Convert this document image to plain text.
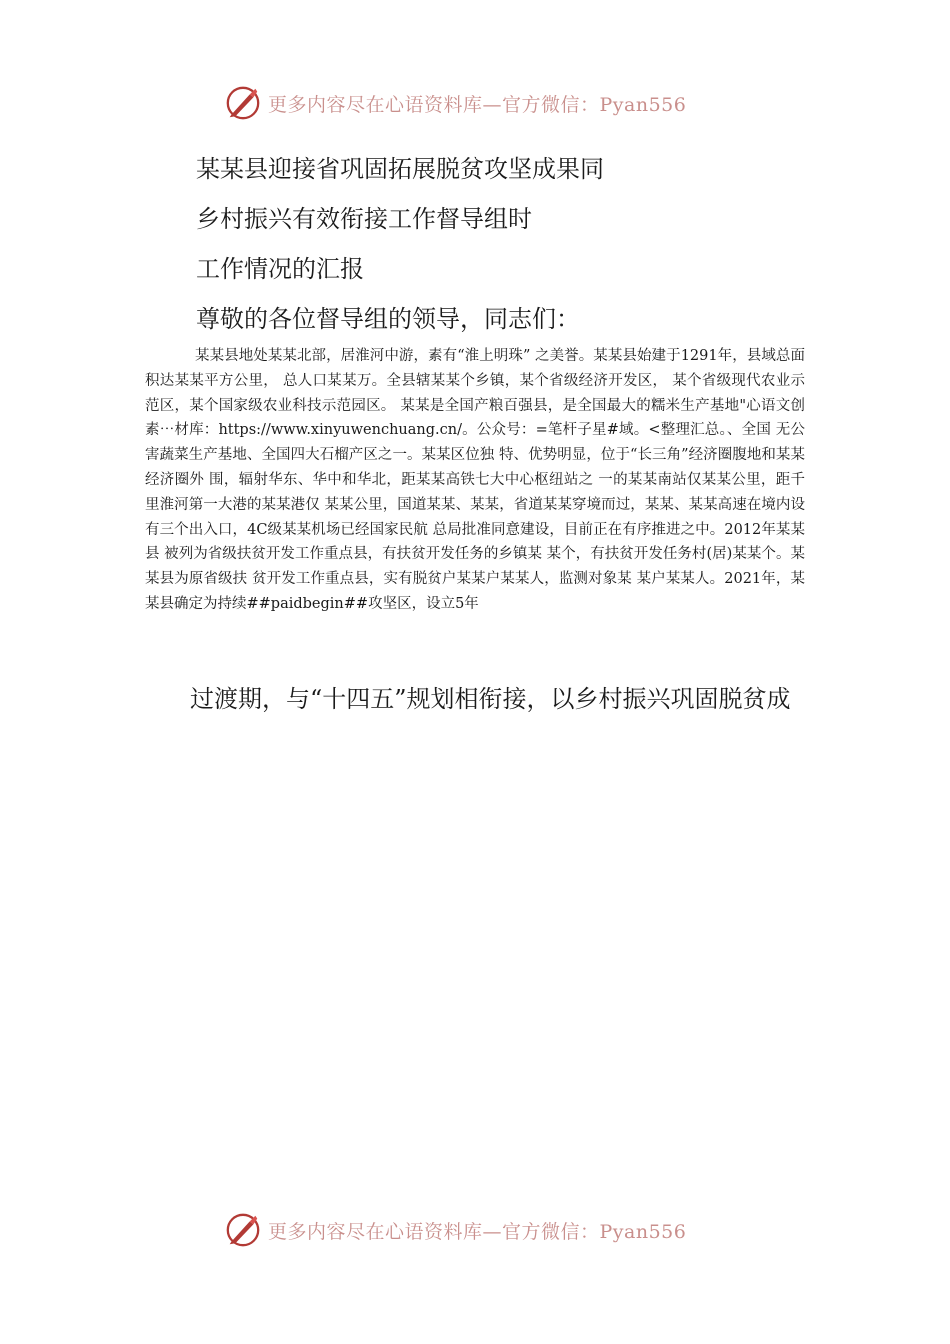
更多内容尽在心语资料库—官方微信：Pyan556
某某县迎接省巩固拓展脱贫攻坚成果同
乡村振兴有效衔接工作督导组时
工作情况的汇报

尊敬的各位督导组的领导，同志们：

某某县地处某某北部，居淮河中游，素有“淮上明珠” 之美誉。某某县始建于1291年，县域总面积达某某平方公里， 总人口某某万。全县辖某某个乡镇，某个省级经济开发区， 某个省级现代农业示范区，某个国家级农业科技示范园区。 某某是全国产粮百强县，是全国最大的糯米生产基地"心语文创素⋯材库：https://www.xinyuwenchuang.cn/。公众号：=笔杆子星#域。<整理汇总。、全国 无公害蔬菜生产基地、全国四大石榴产区之一。某某区位独 特、优势明显，位于“长三角”经济圈腹地和某某经济圈外 围，辐射华东、华中和华北，距某某高铁七大中心枢纽站之 一的某某南站仅某某公里，距千里淮河第一大港的某某港仅 某某公里，国道某某、某某，省道某某穿境而过，某某、某某高速在境内设有三个出入口，4C级某某机场已经国家民航 总局批准同意建设，目前正在有序推进之中。2012年某某县 被列为省级扶贫开发工作重点县，有扶贫开发任务的乡镇某 某个，有扶贫开发任务村(居)某某个。某某县为原省级扶 贫开发工作重点县，实有脱贫户某某户某某人，监测对象某 某户某某人。2021年，某某县确定为持续##paidbegin##攻坚区，设立5年

过渡期，与“十四五”规划相衔接，以乡村振兴巩固脱贫成

更多内容尽在心语资料库—官方微信：Pyan556
